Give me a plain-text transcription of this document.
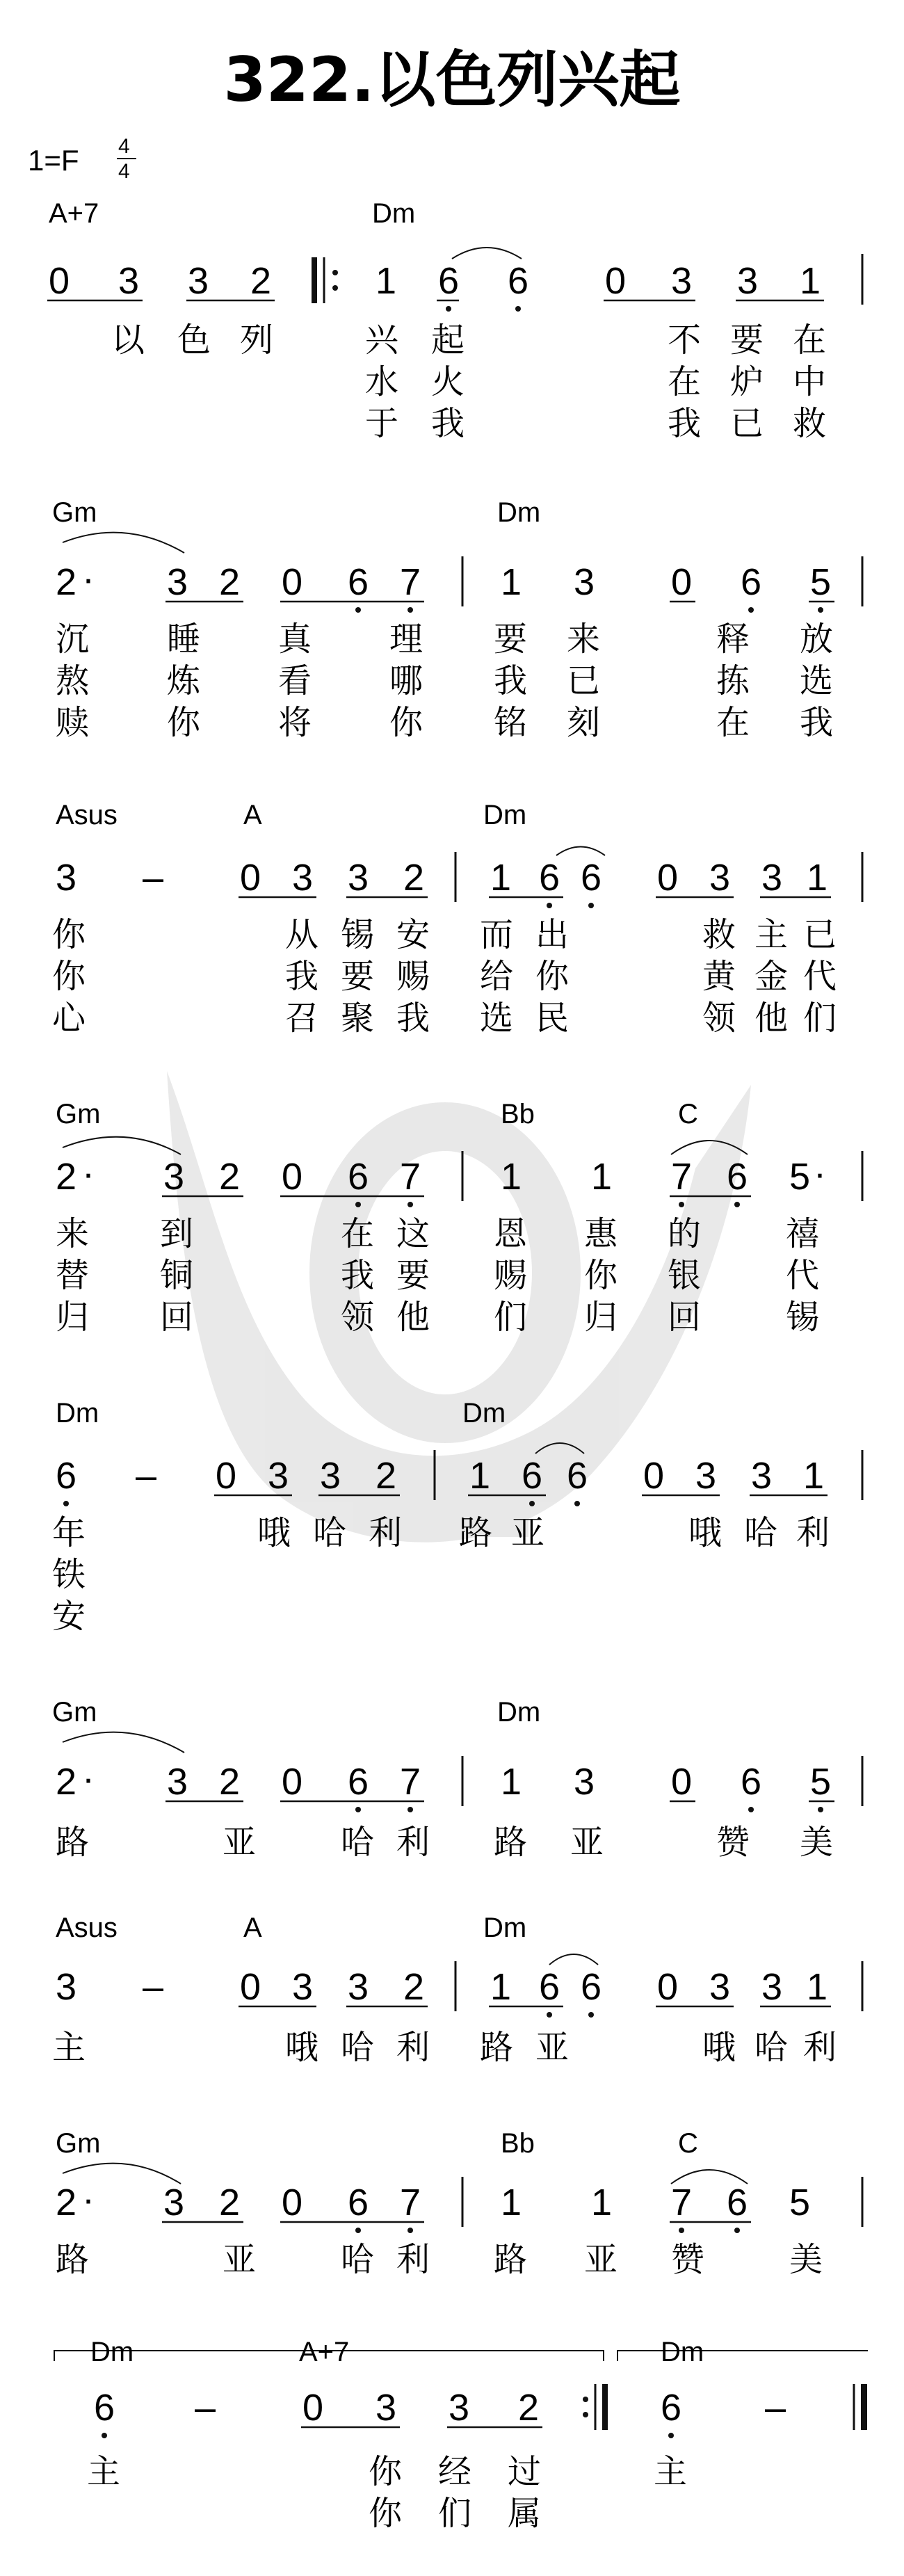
322.以色列兴起
1=F 4
4
A+7	Dm
0 3 3 2	1 6 6 0 3 3 1
以 色 列	兴 起	不 要 在
水 火	在 炉 中
于 我	我 已 救
Gm	Dm
2 · 3 2 0 6 7 1 3 0 6 5
沉 睡 真 理 要 来	释 放
熬 炼 看 哪 我 已	拣 选
赎 你 将 你 铭 刻	在 我
Asus	A	Dm
3 – 0 3 3 2 1 6 6 0 3 3 1
你	从 锡 安 而 出	救 主 已
你	我 要 赐 给 你	黄 金 代
心	召 聚 我 选 民	领 他 们
Gm	Bb	C
2 · 3 2 0 6 7 1 1 7 6 5 ·
来 到	在 这 恩 惠 的	禧
替 铜	我 要 赐 你 银	代
归 回	领 他 们 归 回	锡
Dm	Dm
6 – 0 3 3 2 1 6 6 0 3 3 1
年	哦 哈 利 路 亚	哦 哈 利
铁
安
Gm	Dm
2 · 3 2 0 6 7 1 3 0 6 5
路	亚	哈 利 路 亚	赞 美
Asus	A	Dm
3 – 0 3 3 2 1 6 6 0 3 3 1
主	哦 哈 利 路 亚	哦 哈 利
Gm	Bb	C
2 · 3 2 0 6 7 1 1 7 6 5
路	亚	哈 利 路 亚 赞	美
Dm	A+7	Dm
6 – 0 3 3 2	6 –
主	你 经 过	主
你 们 属
